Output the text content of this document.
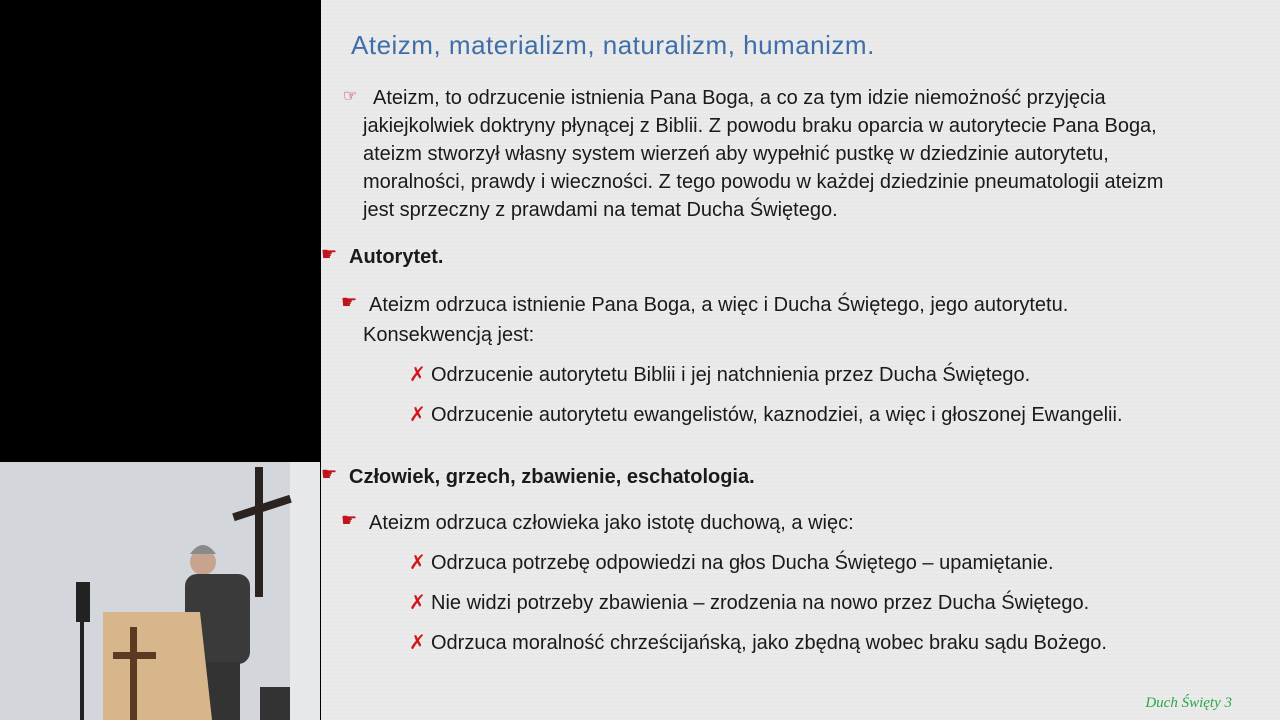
Ateizm, materializm, naturalizm, humanizm.
☞ Ateizm, to odrzucenie istnienia Pana Boga, a co za tym idzie niemożność przyjęcia
jakiejkolwiek doktryny płynącej z Biblii. Z powodu braku oparcia w autorytecie Pana Boga,
ateizm stworzył własny system wierzeń aby wypełnić pustkę w dziedzinie autorytetu,
moralności, prawdy i wieczności. Z tego powodu w każdej dziedzinie pneumatologii ateizm
jest sprzeczny z prawdami na temat Ducha Świętego.
☛ Autorytet.
☛ Ateizm odrzuca istnienie Pana Boga, a więc i Ducha Świętego, jego autorytetu.
Konsekwencją jest:
✗ Odrzucenie autorytetu Biblii i jej natchnienia przez Ducha Świętego.
✗ Odrzucenie autorytetu ewangelistów, kaznodziei, a więc i głoszonej Ewangelii.
☛ Człowiek, grzech, zbawienie, eschatologia.
☛ Ateizm odrzuca człowieka jako istotę duchową, a więc:
✗ Odrzuca potrzebę odpowiedzi na głos Ducha Świętego – upamiętanie.
✗ Nie widzi potrzeby zbawienia – zrodzenia na nowo przez Ducha Świętego.
✗ Odrzuca moralność chrześcijańską, jako zbędną wobec braku sądu Bożego.
Duch Święty 3
